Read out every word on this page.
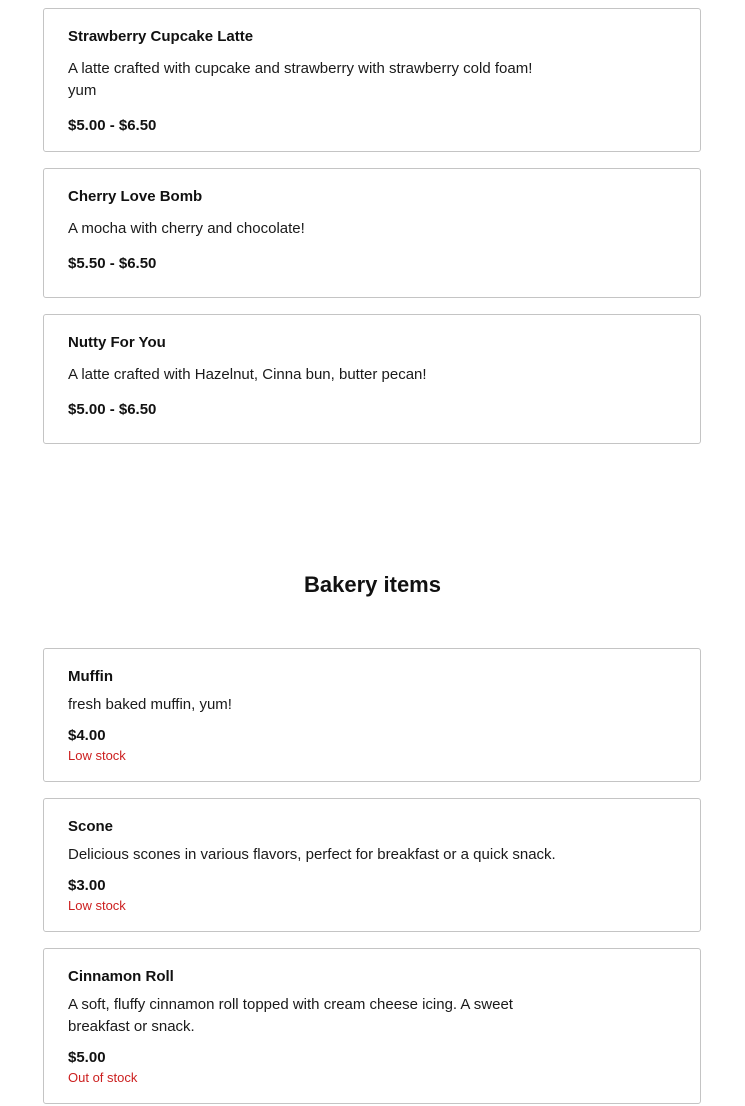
Strawberry Cupcake Latte
A latte crafted with cupcake and strawberry with strawberry cold foam! yum
$5.00 - $6.50
Cherry Love Bomb
A mocha with cherry and chocolate!
$5.50 - $6.50
Nutty For You
A latte crafted with Hazelnut, Cinna bun, butter pecan!
$5.00 - $6.50
Bakery items
Muffin
fresh baked muffin, yum!
$4.00
Low stock
Scone
Delicious scones in various flavors, perfect for breakfast or a quick snack.
$3.00
Low stock
Cinnamon Roll
A soft, fluffy cinnamon roll topped with cream cheese icing. A sweet breakfast or snack.
$5.00
Out of stock
